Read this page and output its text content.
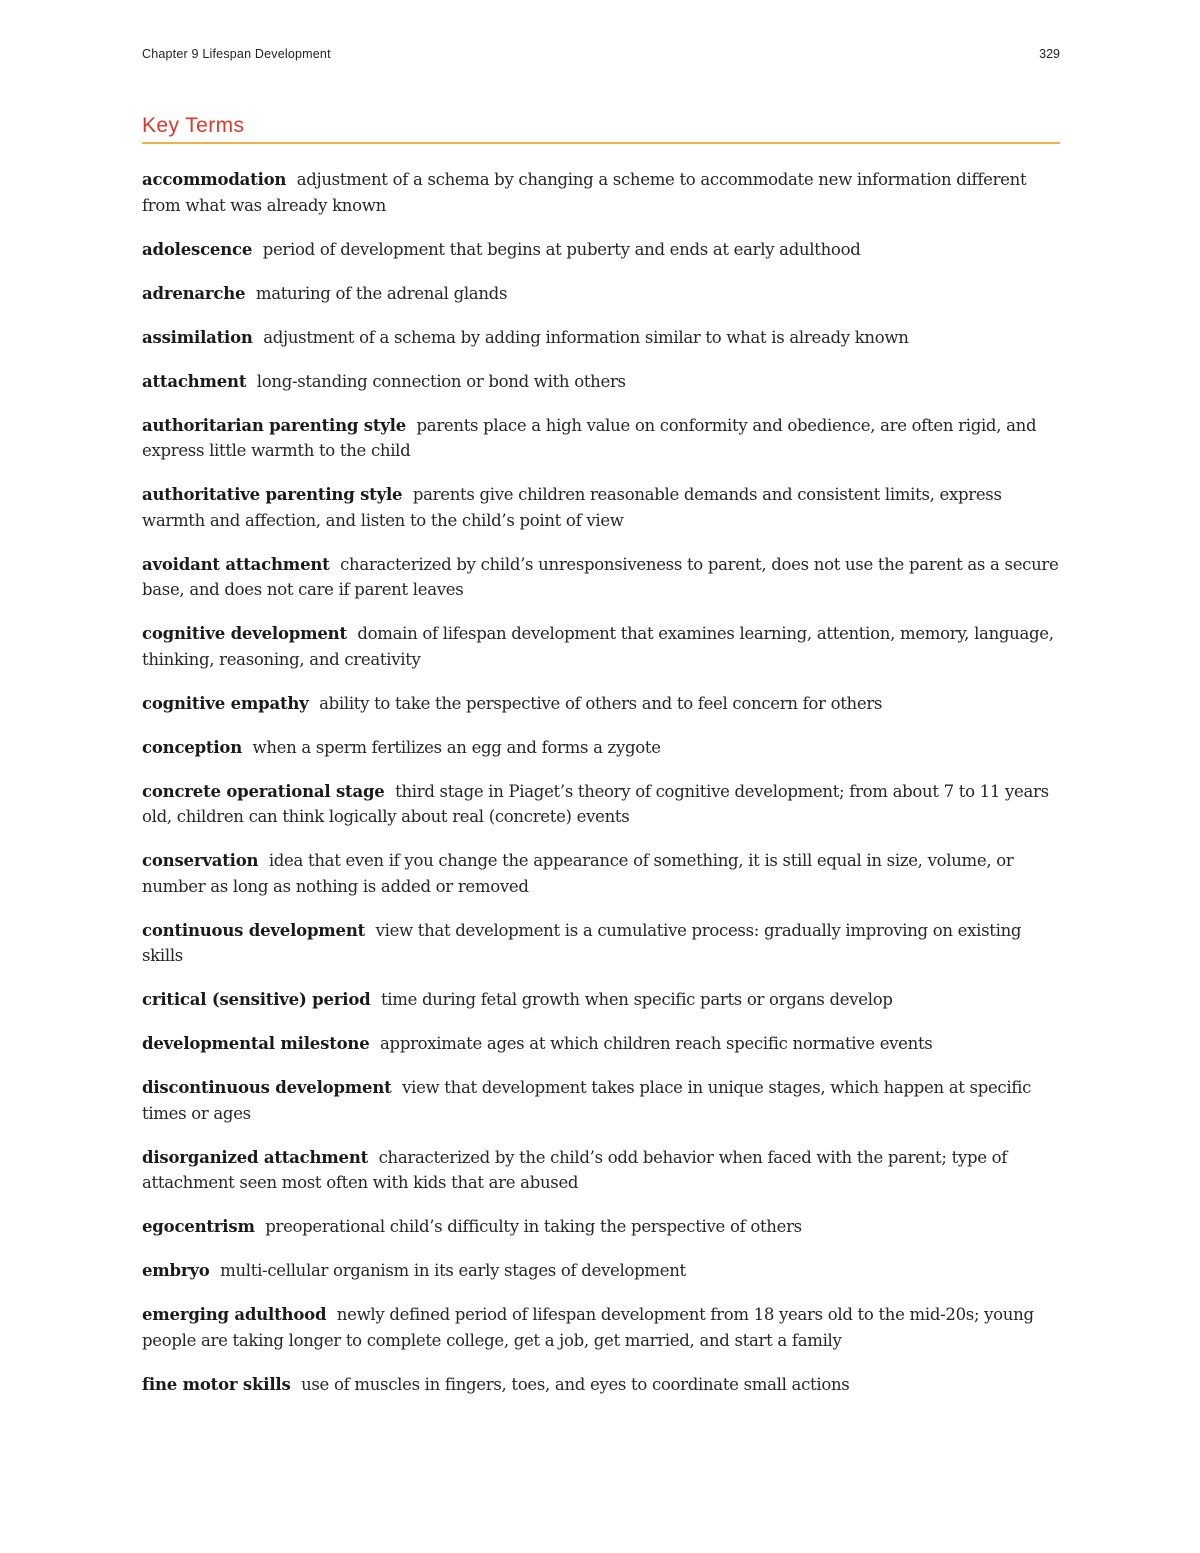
Chapter 9 Lifespan Development	329
Key Terms
accommodation adjustment of a schema by changing a scheme to accommodate new information different from what was already known
adolescence period of development that begins at puberty and ends at early adulthood
adrenarche maturing of the adrenal glands
assimilation adjustment of a schema by adding information similar to what is already known
attachment long-standing connection or bond with others
authoritarian parenting style parents place a high value on conformity and obedience, are often rigid, and express little warmth to the child
authoritative parenting style parents give children reasonable demands and consistent limits, express warmth and affection, and listen to the child’s point of view
avoidant attachment characterized by child’s unresponsiveness to parent, does not use the parent as a secure base, and does not care if parent leaves
cognitive development domain of lifespan development that examines learning, attention, memory, language, thinking, reasoning, and creativity
cognitive empathy ability to take the perspective of others and to feel concern for others
conception when a sperm fertilizes an egg and forms a zygote
concrete operational stage third stage in Piaget’s theory of cognitive development; from about 7 to 11 years old, children can think logically about real (concrete) events
conservation idea that even if you change the appearance of something, it is still equal in size, volume, or number as long as nothing is added or removed
continuous development view that development is a cumulative process: gradually improving on existing skills
critical (sensitive) period time during fetal growth when specific parts or organs develop
developmental milestone approximate ages at which children reach specific normative events
discontinuous development view that development takes place in unique stages, which happen at specific times or ages
disorganized attachment characterized by the child’s odd behavior when faced with the parent; type of attachment seen most often with kids that are abused
egocentrism preoperational child’s difficulty in taking the perspective of others
embryo multi-cellular organism in its early stages of development
emerging adulthood newly defined period of lifespan development from 18 years old to the mid-20s; young people are taking longer to complete college, get a job, get married, and start a family
fine motor skills use of muscles in fingers, toes, and eyes to coordinate small actions
